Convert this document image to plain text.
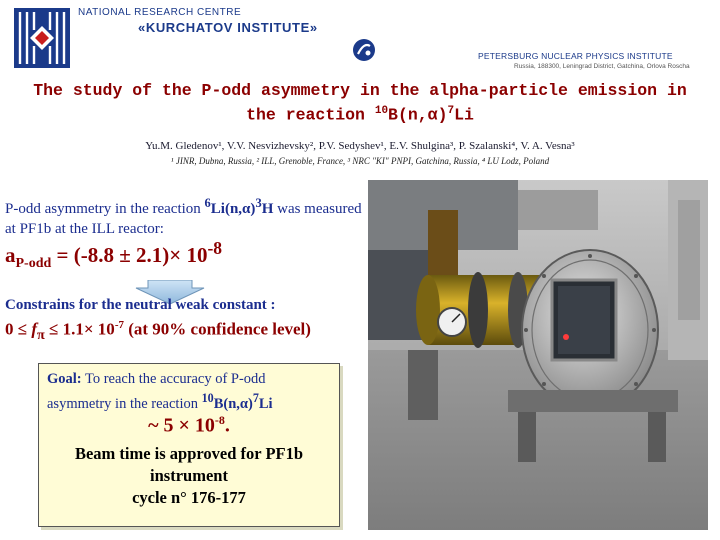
NATIONAL RESEARCH CENTRE
«KURCHATOV INSTITUTE»
PETERSBURG NUCLEAR PHYSICS INSTITUTE
Russia, 188300, Leningrad District, Gatchina, Orlova Roscha
The study of the P-odd asymmetry in the alpha-particle emission in
the reaction $^{10}B(n,\alpha)^7Li$
Yu.M. Gledenov¹, V.V. Nesvizhevsky², P.V. Sedyshev¹, E.V. Shulgina³, P. Szalanski⁴, V. A. Vesna³
¹ JINR, Dubna, Russia, ² ILL, Grenoble, France, ³ NRC "KI" PNPI, Gatchina, Russia, ⁴ LU Lodz, Poland
P-odd asymmetry in the reaction $^6Li(n,\alpha)^3H$ was measured at PF1b at the ILL reactor:
$a_{P-odd} = (-8.8 \pm 2.1)\times 10^{-8}$
Constrains for the neutral weak constant :
$0 \le f_\pi \le 1.1\times 10^{-7}$ (at 90% confidence level)
Goal: To reach the accuracy of P-odd asymmetry in the reaction $^{10}B(n,\alpha)^7Li$
~ $5 \times 10^{-8}$.
Beam time is approved for PF1b
instrument
cycle n° 176-177
